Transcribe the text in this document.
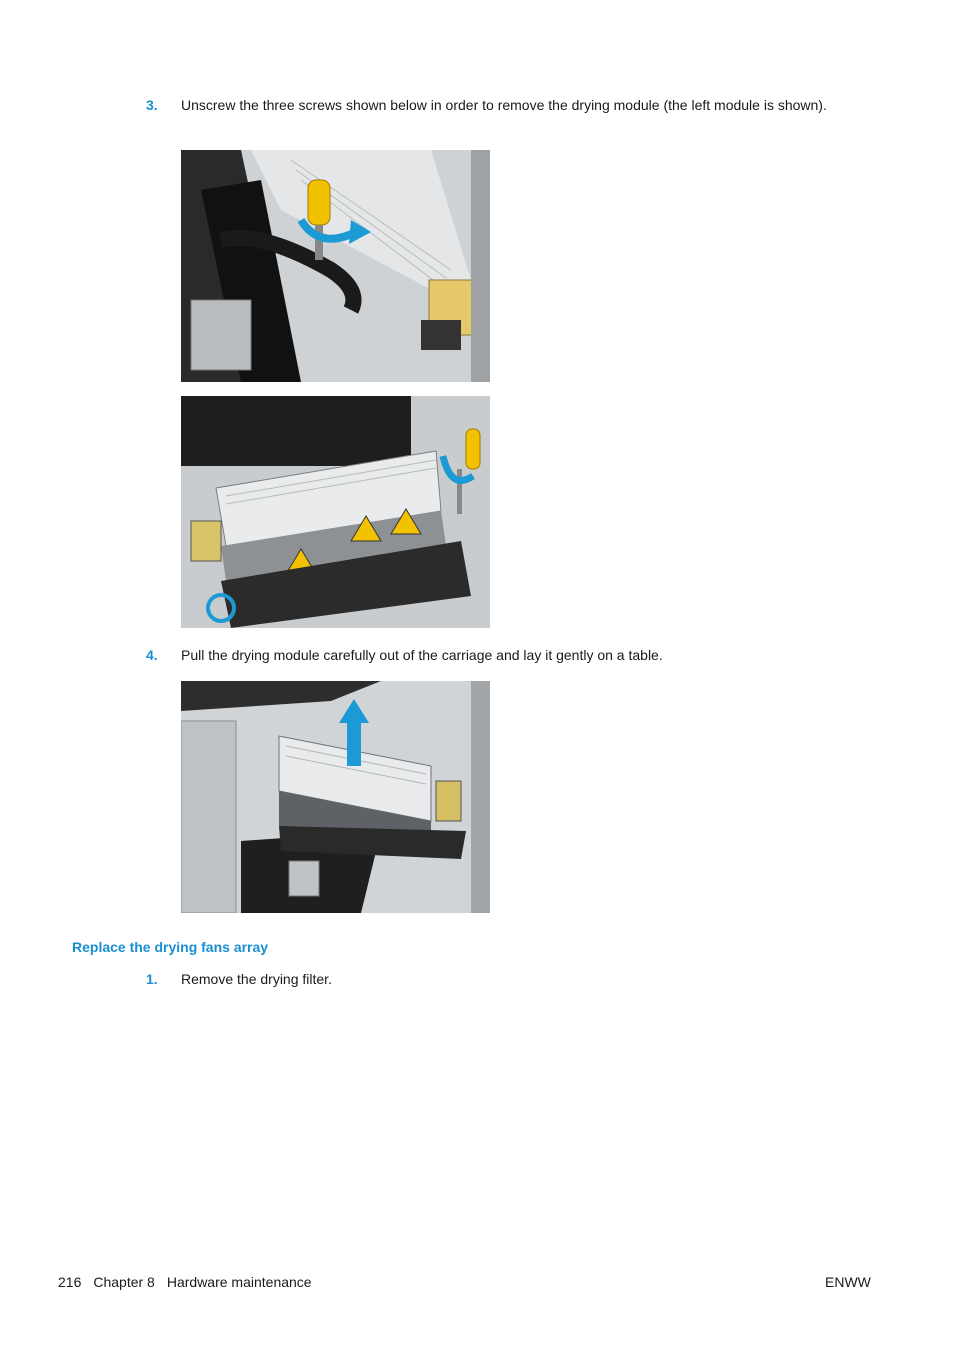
3. Unscrew the three screws shown below in order to remove the drying module (the left module is shown).
4. Pull the drying module carefully out of the carriage and lay it gently on a table.
Replace the drying fans array
1. Remove the drying filter.
216 Chapter 8 Hardware maintenance	ENWW
